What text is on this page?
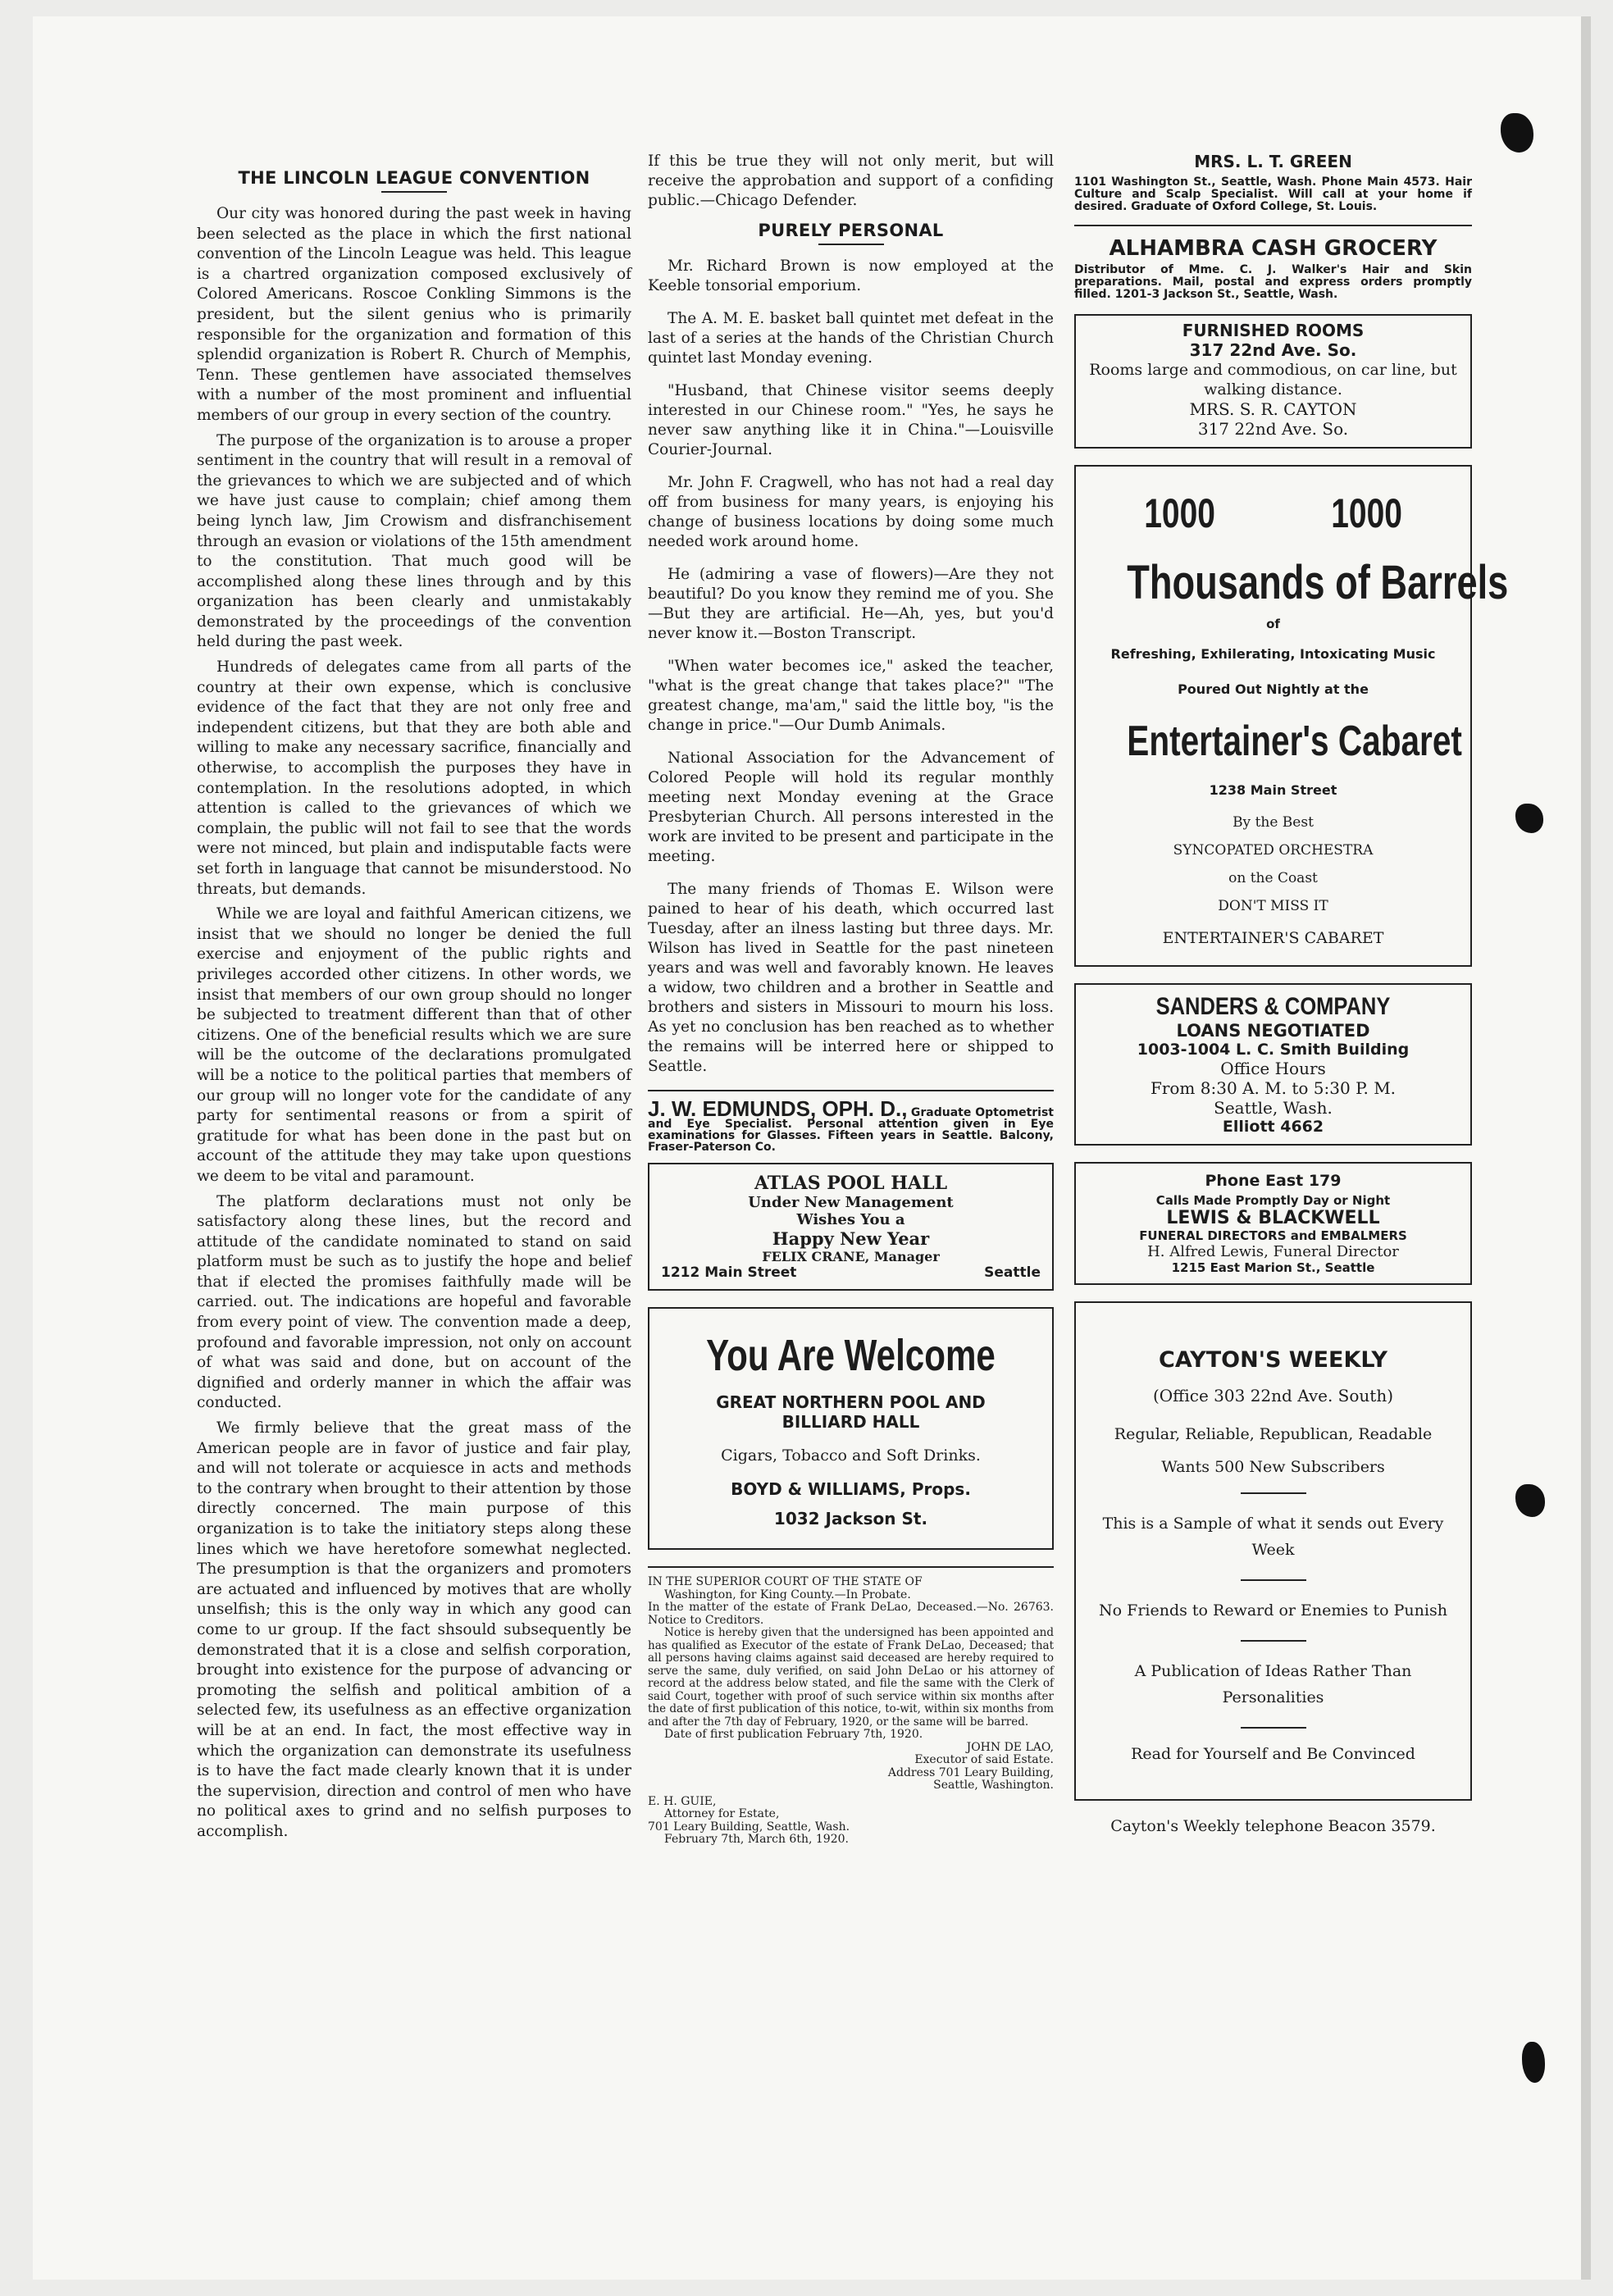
THE LINCOLN LEAGUE CONVENTION

Our city was honored during the past week in having been selected as the place in which the first national convention of the Lincoln League was held. This league is a chartred organization composed exclusively of Colored Americans. Roscoe Conkling Simmons is the president, but the silent genius who is primarily responsible for the organization and formation of this splendid organization is Robert R. Church of Memphis, Tenn. These gentlemen have associated themselves with a number of the most prominent and influential members of our group in every section of the country.

The purpose of the organization is to arouse a proper sentiment in the country that will result in a removal of the grievances to which we are subjected and of which we have just cause to complain; chief among them being lynch law, Jim Crowism and disfranchisement through an evasion or violations of the 15th amendment to the constitution. That much good will be accomplished along these lines through and by this organization has been clearly and unmistakably demonstrated by the proceedings of the convention held during the past week.

Hundreds of delegates came from all parts of the country at their own expense, which is conclusive evidence of the fact that they are not only free and independent citizens, but that they are both able and willing to make any necessary sacrifice, financially and otherwise, to accomplish the purposes they have in contemplation. In the resolutions adopted, in which attention is called to the grievances of which we complain, the public will not fail to see that the words were not minced, but plain and indisputable facts were set forth in language that cannot be misunderstood. No threats, but demands.

While we are loyal and faithful American citizens, we insist that we should no longer be denied the full exercise and enjoyment of the public rights and privileges accorded other citizens. In other words, we insist that members of our own group should no longer be subjected to treatment different than that of other citizens. One of the beneficial results which we are sure will be the outcome of the declarations promulgated will be a notice to the political parties that members of our group will no longer vote for the candidate of any party for sentimental reasons or from a spirit of gratitude for what has been done in the past but on account of the attitude they may take upon questions we deem to be vital and paramount.

The platform declarations must not only be satisfactory along these lines, but the record and attitude of the candidate nominated to stand on said platform must be such as to justify the hope and belief that if elected the promises faithfully made will be carried. out. The indications are hopeful and favorable from every point of view. The convention made a deep, profound and favorable impression, not only on account of what was said and done, but on account of the dignified and orderly manner in which the affair was conducted.

We firmly believe that the great mass of the American people are in favor of justice and fair play, and will not tolerate or acquiesce in acts and methods to the contrary when brought to their attention by those directly concerned. The main purpose of this organization is to take the initiatory steps along these lines which we have heretofore somewhat neglected. The presumption is that the organizers and promoters are actuated and influenced by motives that are wholly unselfish; this is the only way in which any good can come to ur group. If the fact shsould subsequently be demonstrated that it is a close and selfish corporation, brought into existence for the purpose of advancing or promoting the selfish and political ambition of a selected few, its usefulness as an effective organization will be at an end. In fact, the most effective way in which the organization can demonstrate its usefulness is to have the fact made clearly known that it is under the supervision, direction and control of men who have no political axes to grind and no selfish purposes to accomplish.

If this be true they will not only merit, but will receive the approbation and support of a confiding public.—Chicago Defender.

PURELY PERSONAL

Mr. Richard Brown is now employed at the Keeble tonsorial emporium.

The A. M. E. basket ball quintet met defeat in the last of a series at the hands of the Christian Church quintet last Monday evening.

"Husband, that Chinese visitor seems deeply interested in our Chinese room." "Yes, he says he never saw anything like it in China."—Louisville Courier-Journal.

Mr. John F. Cragwell, who has not had a real day off from business for many years, is enjoying his change of business locations by doing some much needed work around home.

He (admiring a vase of flowers)—Are they not beautiful? Do you know they remind me of you. She—But they are artificial. He—Ah, yes, but you'd never know it.—Boston Transcript.

"When water becomes ice," asked the teacher, "what is the great change that takes place?" "The greatest change, ma'am," said the little boy, "is the change in price."—Our Dumb Animals.

National Association for the Advancement of Colored People will hold its regular monthly meeting next Monday evening at the Grace Presbyterian Church. All persons interested in the work are invited to be present and participate in the meeting.

The many friends of Thomas E. Wilson were pained to hear of his death, which occurred last Tuesday, after an ilness lasting but three days. Mr. Wilson has lived in Seattle for the past nineteen years and was well and favorably known. He leaves a widow, two children and a brother in Seattle and brothers and sisters in Missouri to mourn his loss. As yet no conclusion has ben reached as to whether the remains will be interred here or shipped to Seattle.

J. W. EDMUNDS, OPH. D., Graduate Optometrist and Eye Specialist. Personal attention given in Eye examinations for Glasses. Fifteen years in Seattle. Balcony, Fraser-Paterson Co.
ATLAS POOL HALL
Under New Management
Wishes You a
Happy New Year
FELIX CRANE, Manager
1212 Main Street	Seattle
You Are Welcome
GREAT NORTHERN POOL AND
BILLIARD HALL
Cigars, Tobacco and Soft Drinks.
BOYD & WILLIAMS, Props.
1032 Jackson St.
IN THE SUPERIOR COURT OF THE STATE OF
Washington, for King County.—In Probate.
In the matter of the estate of Frank DeLao, Deceased.—No. 26763. Notice to Creditors.
Notice is hereby given that the undersigned has been appointed and has qualified as Executor of the estate of Frank DeLao, Deceased; that all persons having claims against said deceased are hereby required to serve the same, duly verified, on said John DeLao or his attorney of record at the address below stated, and file the same with the Clerk of said Court, together with proof of such service within six months after the date of first publication of this notice, to-wit, within six months from and after the 7th day of February, 1920, or the same will be barred.
Date of first publication February 7th, 1920.
JOHN DE LAO,
Executor of said Estate.
Address 701 Leary Building,
Seattle, Washington.
E. H. GUIE,
Attorney for Estate,
701 Leary Building, Seattle, Wash.
February 7th, March 6th, 1920.
MRS. L. T. GREEN
1101 Washington St., Seattle, Wash. Phone Main 4573. Hair Culture and Scalp Specialist. Will call at your home if desired. Graduate of Oxford College, St. Louis.
ALHAMBRA CASH GROCERY
Distributor of Mme. C. J. Walker's Hair and Skin preparations. Mail, postal and express orders promptly filled. 1201-3 Jackson St., Seattle, Wash.
FURNISHED ROOMS
317 22nd Ave. So.
Rooms large and commodious, on car line, but walking distance.
MRS. S. R. CAYTON
317 22nd Ave. So.
1000	1000
Thousands of Barrels
of
Refreshing, Exhilerating, Intoxicating Music
Poured Out Nightly at the
Entertainer's Cabaret
1238 Main Street
By the Best
SYNCOPATED ORCHESTRA
on the Coast
DON'T MISS IT
ENTERTAINER'S CABARET
SANDERS & COMPANY
LOANS NEGOTIATED
1003-1004 L. C. Smith Building
Office Hours
From 8:30 A. M. to 5:30 P. M.
Seattle, Wash.
Elliott 4662
Phone East 179
Calls Made Promptly Day or Night
LEWIS & BLACKWELL
FUNERAL DIRECTORS and EMBALMERS
H. Alfred Lewis, Funeral Director
1215 East Marion St., Seattle
CAYTON'S WEEKLY
(Office 303 22nd Ave. South)
Regular, Reliable, Republican, Readable
Wants 500 New Subscribers
This is a Sample of what it sends out Every Week
No Friends to Reward or Enemies to Punish
A Publication of Ideas Rather Than Personalities
Read for Yourself and Be Convinced
Cayton's Weekly telephone Beacon 3579.
